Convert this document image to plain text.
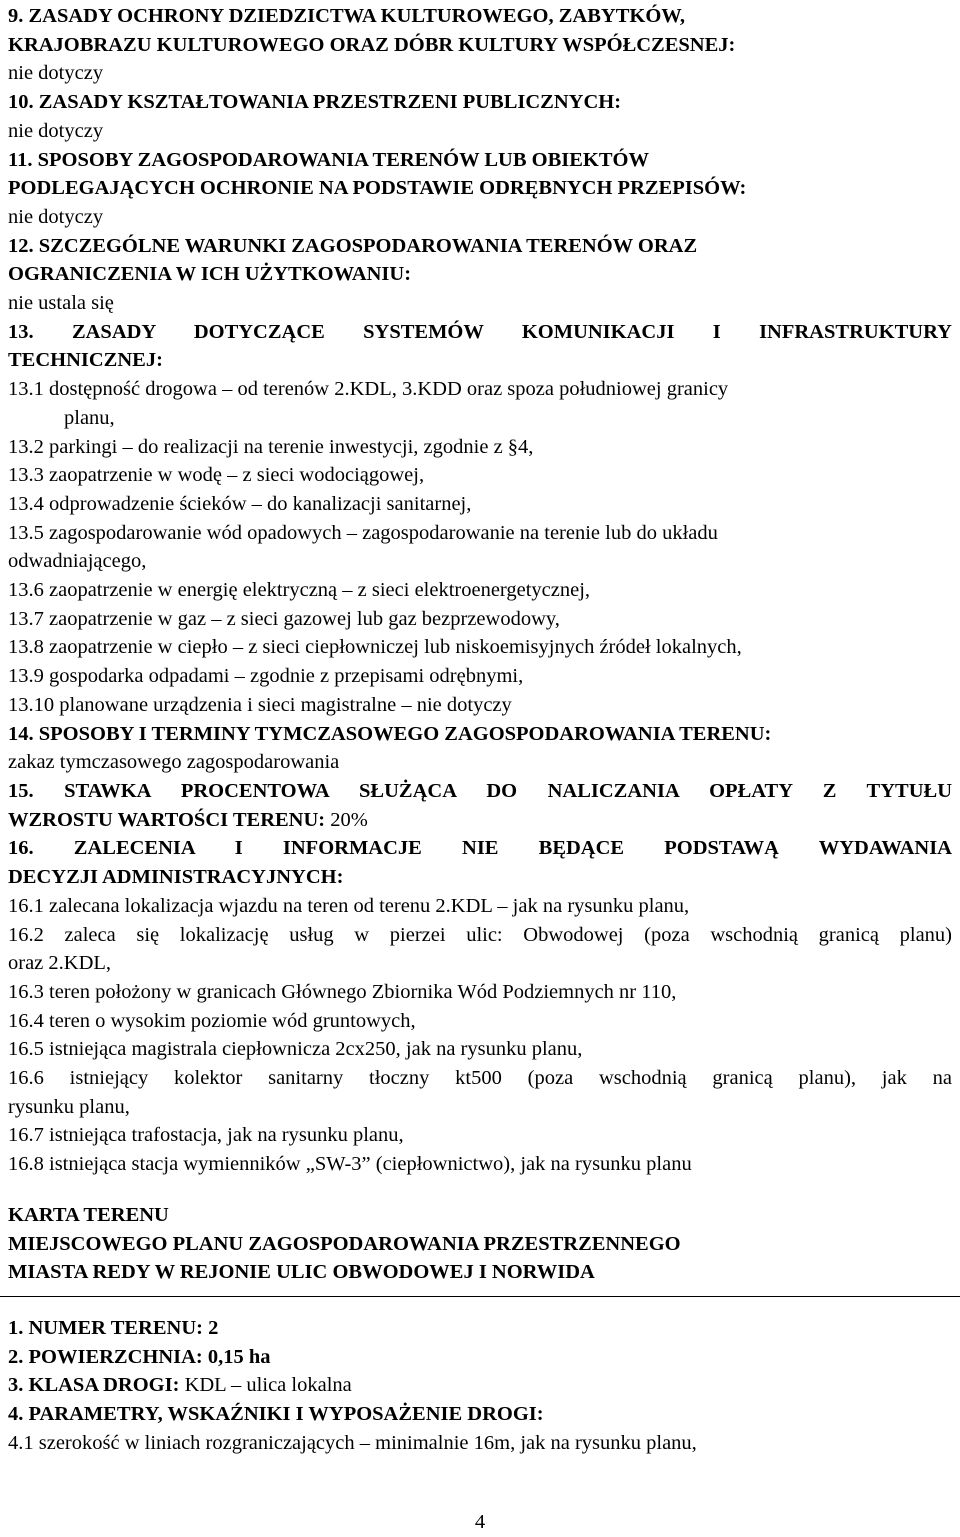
9. ZASADY OCHRONY DZIEDZICTWA KULTUROWEGO, ZABYTKÓW,

KRAJOBRAZU KULTUROWEGO ORAZ DÓBR KULTURY WSPÓŁCZESNEJ:

nie dotyczy

10. ZASADY KSZTAŁTOWANIA PRZESTRZENI PUBLICZNYCH:

nie dotyczy

11. SPOSOBY ZAGOSPODAROWANIA TERENÓW LUB OBIEKTÓW

PODLEGAJĄCYCH OCHRONIE NA PODSTAWIE ODRĘBNYCH PRZEPISÓW:

nie dotyczy

12. SZCZEGÓLNE WARUNKI ZAGOSPODAROWANIA TERENÓW ORAZ

OGRANICZENIA W ICH UŻYTKOWANIU:

nie ustala się

13. ZASADY DOTYCZĄCE SYSTEMÓW KOMUNIKACJI I INFRASTRUKTURY

TECHNICZNEJ:

13.1 dostępność drogowa – od terenów 2.KDL, 3.KDD oraz spoza południowej granicy

planu,

13.2 parkingi – do realizacji na terenie inwestycji, zgodnie z §4,

13.3 zaopatrzenie w wodę – z sieci wodociągowej,

13.4 odprowadzenie ścieków – do kanalizacji sanitarnej,

13.5 zagospodarowanie wód opadowych – zagospodarowanie na terenie lub do układu

odwadniającego,

13.6 zaopatrzenie w energię elektryczną – z sieci elektroenergetycznej,

13.7 zaopatrzenie w gaz – z sieci gazowej lub gaz bezprzewodowy,

13.8 zaopatrzenie w ciepło – z sieci ciepłowniczej lub niskoemisyjnych źródeł lokalnych,

13.9 gospodarka odpadami – zgodnie z przepisami odrębnymi,

13.10 planowane urządzenia i sieci magistralne – nie dotyczy

14. SPOSOBY I TERMINY TYMCZASOWEGO ZAGOSPODAROWANIA TERENU:

zakaz tymczasowego zagospodarowania

15. STAWKA PROCENTOWA SŁUŻĄCA DO NALICZANIA OPŁATY Z TYTUŁU

WZROSTU WARTOŚCI TERENU: 20%

16. ZALECENIA I INFORMACJE NIE BĘDĄCE PODSTAWĄ WYDAWANIA

DECYZJI ADMINISTRACYJNYCH:

16.1 zalecana lokalizacja wjazdu na teren od terenu 2.KDL – jak na rysunku planu,

16.2 zaleca się lokalizację usług w pierzei ulic: Obwodowej (poza wschodnią granicą planu)

oraz 2.KDL,

16.3 teren położony w granicach Głównego Zbiornika Wód Podziemnych nr 110,

16.4 teren o wysokim poziomie wód gruntowych,

16.5 istniejąca magistrala ciepłownicza 2cx250, jak na rysunku planu,

16.6 istniejący kolektor sanitarny tłoczny kt500 (poza wschodnią granicą planu), jak na

rysunku planu,

16.7 istniejąca trafostacja, jak na rysunku planu,

16.8 istniejąca stacja wymienników „SW-3” (ciepłownictwo), jak na rysunku planu

KARTA TERENU

MIEJSCOWEGO PLANU ZAGOSPODAROWANIA PRZESTRZENNEGO

MIASTA REDY W REJONIE ULIC OBWODOWEJ I NORWIDA

1. NUMER TERENU: 2

2. POWIERZCHNIA: 0,15 ha

3. KLASA DROGI: KDL – ulica lokalna

4. PARAMETRY, WSKAŹNIKI I WYPOSAŻENIE DROGI:

4.1 szerokość w liniach rozgraniczających – minimalnie 16m, jak na rysunku planu,

4
